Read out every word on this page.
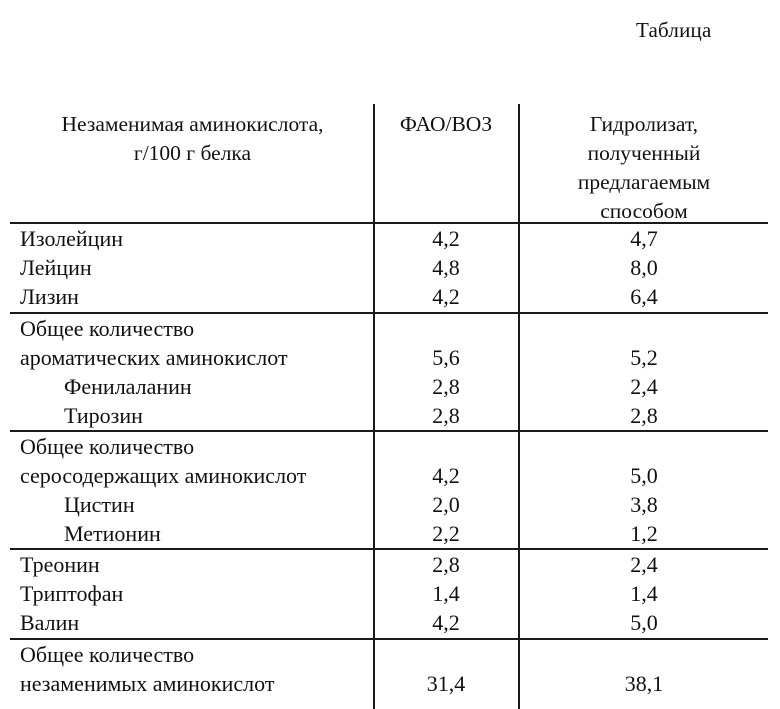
Таблица
Незаменимая аминокислота,
г/100 г белка
ФАО/ВОЗ	Гидролизат,
полученный
предлагаемым
способом
Изолейцин	4,2	4,7
Лейцин	4,8	8,0
Лизин	4,2	6,4
Общее количество
ароматических аминокислот	5,6	5,2
Фенилаланин	2,8	2,4
Тирозин	2,8	2,8
Общее количество
серосодержащих аминокислот	4,2	5,0
Цистин	2,0	3,8
Метионин	2,2	1,2
Треонин	2,8	2,4
Триптофан	1,4	1,4
Валин	4,2	5,0
Общее количество
незаменимых аминокислот	31,4	38,1
